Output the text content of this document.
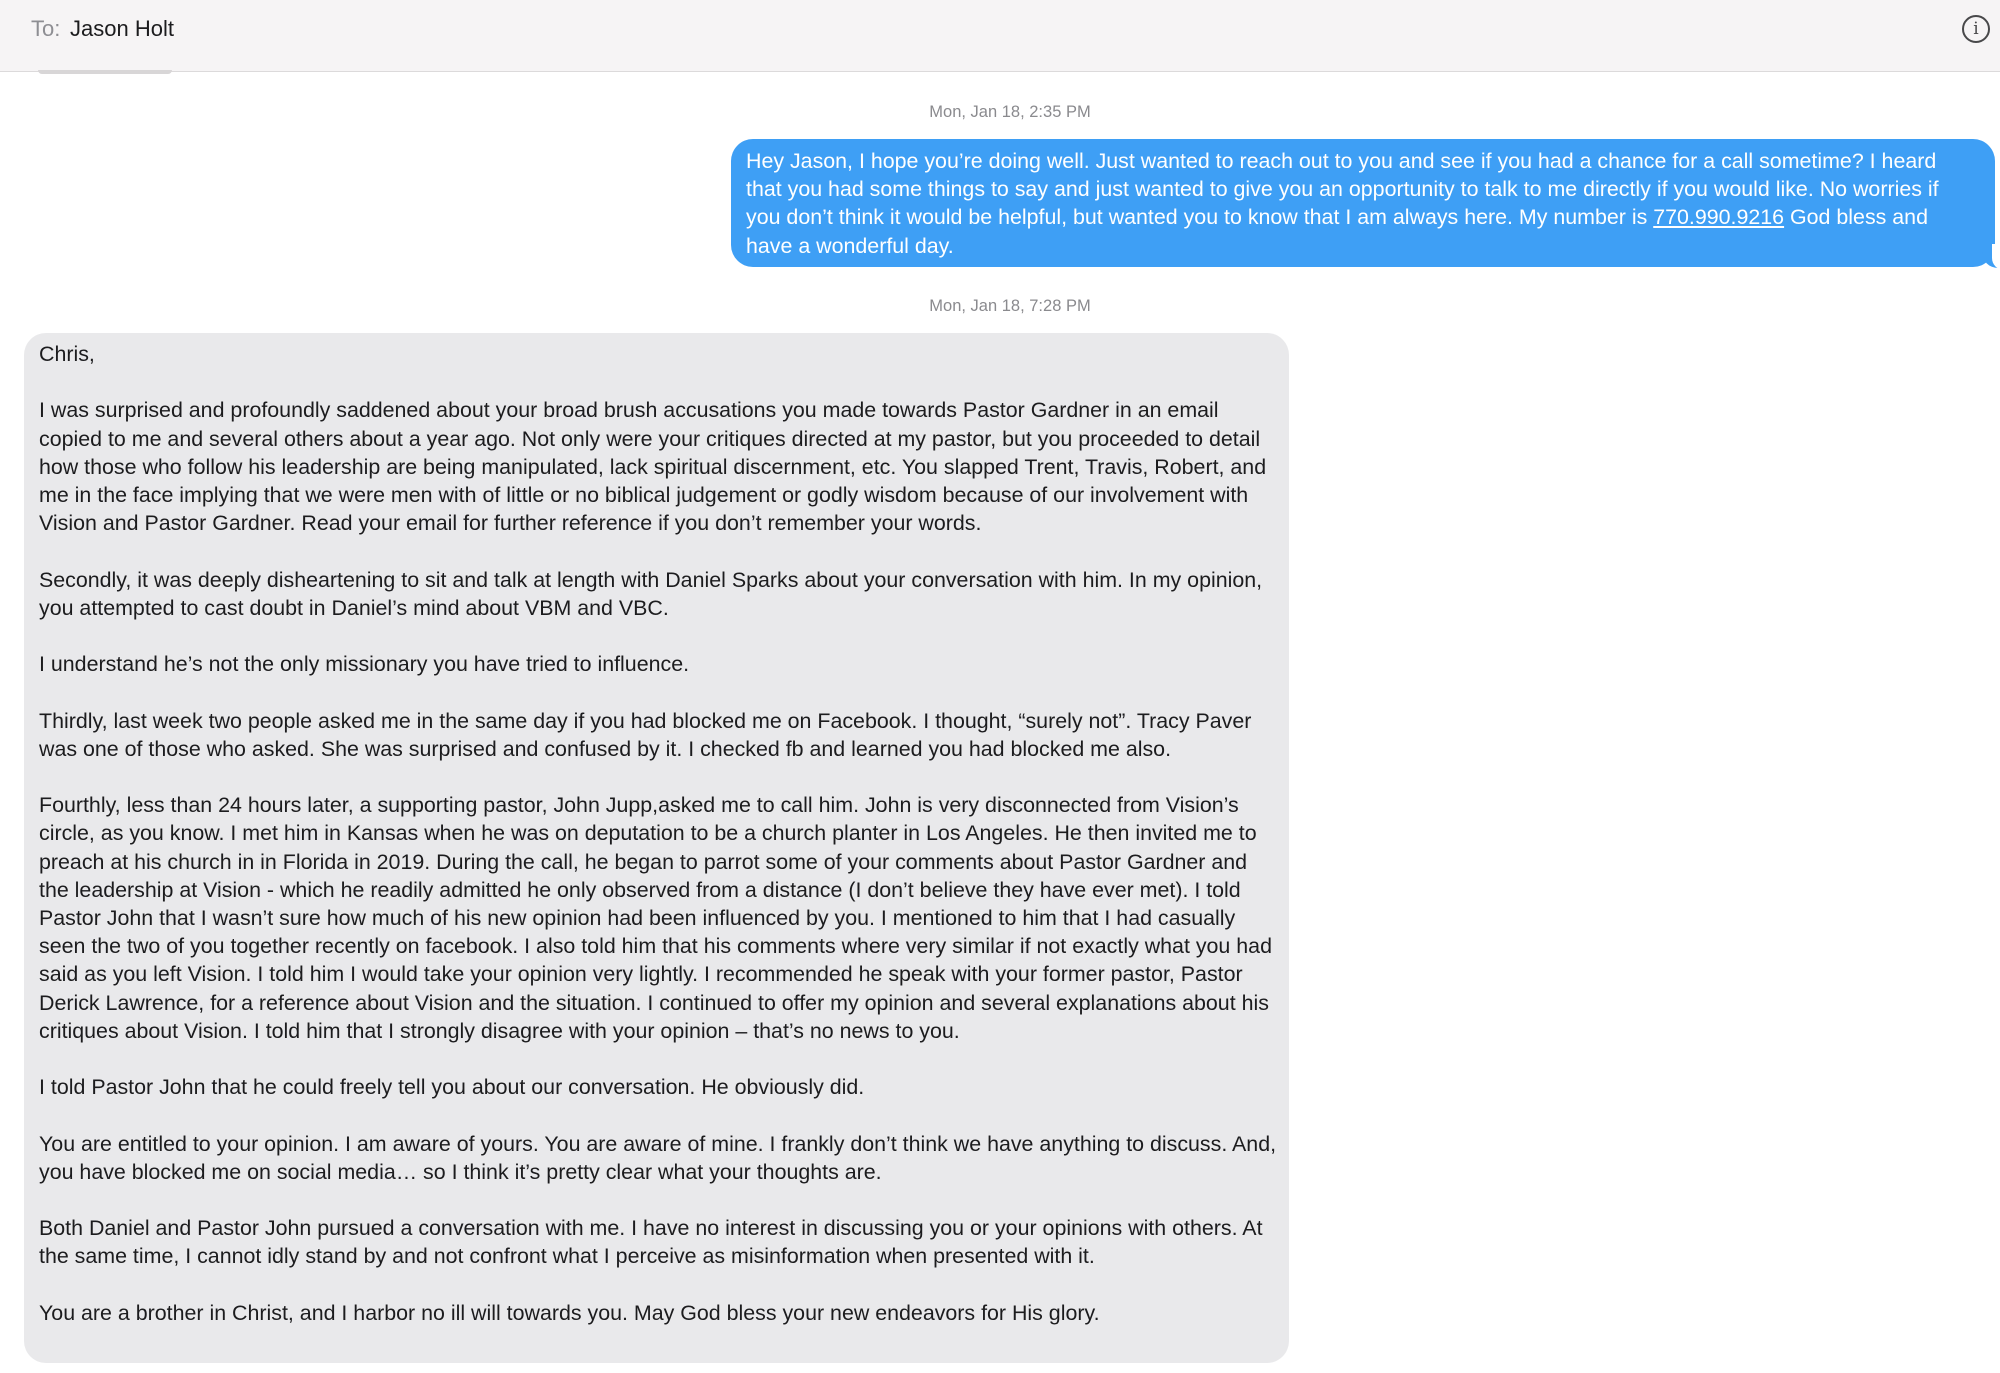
To: Jason Holt	i
Mon, Jan 18, 2:35 PM
Hey Jason, I hope you’re doing well. Just wanted to reach out to you and see if you had a chance for a call sometime? I heard that you had some things to say and just wanted to give you an opportunity to talk to me directly if you would like. No worries if you don’t think it would be helpful, but wanted you to know that I am always here. My number is 770.990.9216 God bless and have a wonderful day.
Mon, Jan 18, 7:28 PM

Chris,

I was surprised and profoundly saddened about your broad brush accusations you made towards Pastor Gardner in an email copied to me and several others about a year ago. Not only were your critiques directed at my pastor, but you proceeded to detail how those who follow his leadership are being manipulated, lack spiritual discernment, etc. You slapped Trent, Travis, Robert, and me in the face implying that we were men with of little or no biblical judgement or godly wisdom because of our involvement with Vision and Pastor Gardner. Read your email for further reference if you don’t remember your words.

Secondly, it was deeply disheartening to sit and talk at length with Daniel Sparks about your conversation with him. In my opinion, you attempted to cast doubt in Daniel’s mind about VBM and VBC.

I understand he’s not the only missionary you have tried to influence.

Thirdly, last week two people asked me in the same day if you had blocked me on Facebook. I thought, “surely not”. Tracy Paver was one of those who asked. She was surprised and confused by it. I checked fb and learned you had blocked me also.

Fourthly, less than 24 hours later, a supporting pastor, John Jupp,asked me to call him. John is very disconnected from Vision’s circle, as you know. I met him in Kansas when he was on deputation to be a church planter in Los Angeles. He then invited me to preach at his church in in Florida in 2019. During the call, he began to parrot some of your comments about Pastor Gardner and the leadership at Vision - which he readily admitted he only observed from a distance (I don’t believe they have ever met). I told Pastor John that I wasn’t sure how much of his new opinion had been influenced by you. I mentioned to him that I had casually seen the two of you together recently on facebook. I also told him that his comments where very similar if not exactly what you had said as you left Vision. I told him I would take your opinion very lightly. I recommended he speak with your former pastor, Pastor Derick Lawrence, for a reference about Vision and the situation. I continued to offer my opinion and several explanations about his critiques about Vision. I told him that I strongly disagree with your opinion – that’s no news to you.

I told Pastor John that he could freely tell you about our conversation. He obviously did.

You are entitled to your opinion. I am aware of yours. You are aware of mine. I frankly don’t think we have anything to discuss. And, you have blocked me on social media… so I think it’s pretty clear what your thoughts are.

Both Daniel and Pastor John pursued a conversation with me. I have no interest in discussing you or your opinions with others. At the same time, I cannot idly stand by and not confront what I perceive as misinformation when presented with it.

You are a brother in Christ, and I harbor no ill will towards you. May God bless your new endeavors for His glory.
